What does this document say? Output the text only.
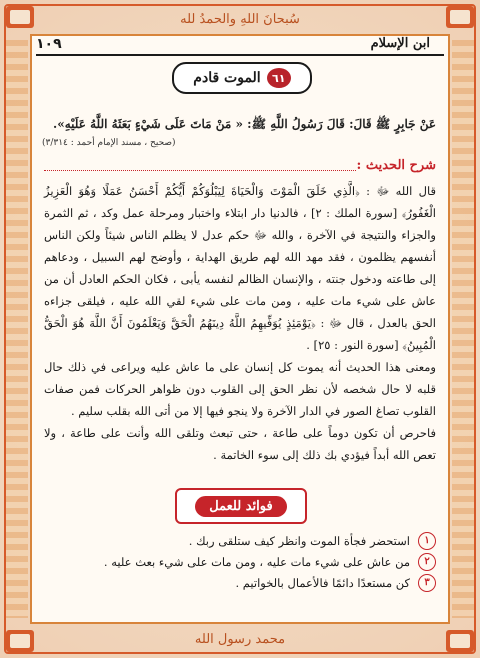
سُبحانَ اللهِ والحمدُ لله
محمد رسول الله
١٠٩	ابن الإسلام
٦١
الموت قادم
عَنْ جَابِرٍ ﷺ قَالَ: قَالَ رَسُولُ اللَّهِ ﷺ: « مَنْ مَاتَ عَلَى شَيْءٍ بَعَثَهُ اللَّهُ عَلَيْهِ».
(صحيح ، مسند الإمام أحمد : ٣/٣١٤)
شرح الحديث :

قال الله ﷻ : ﴿الَّذِي خَلَقَ الْمَوْتَ وَالْحَيَاةَ لِيَبْلُوَكُمْ أَيُّكُمْ أَحْسَنُ عَمَلًا وَهُوَ الْعَزِيزُ الْغَفُورُ﴾ [سورة الملك : ٢] ، فالدنيا دار ابتلاء واختبار ومرحلة عمل وكد ، ثم الثمرة والجزاء والنتيجة في الآخرة ، والله ﷻ حكم عدل لا يظلم الناس شيئاً ولكن الناس أنفسهم يظلمون ، فقد مهد الله لهم طريق الهداية ، وأوضح لهم السبيل ، ودعاهم إلى طاعته ودخول جنته ، والإنسان الظالم لنفسه يأبى ، فكان الحكم العادل أن من عاش على شيء مات عليه ، ومن مات على شيء لقي الله عليه ، فيلقى جزاءه الحق بالعدل ، قال ﷻ : ﴿يَوْمَئِذٍ يُوَفِّيهِمُ اللَّهُ دِينَهُمُ الْحَقَّ وَيَعْلَمُونَ أَنَّ اللَّهَ هُوَ الْحَقُّ الْمُبِينُ﴾ [سورة النور : ٢٥] .

ومعنى هذا الحديث أنه يموت كل إنسان على ما عاش عليه ويراعى في ذلك حال قلبه لا حال شخصه لأن نظر الحق إلى القلوب دون ظواهر الحركات فمن صفات القلوب تصاغ الصور في الدار الآخرة ولا ينجو فيها إلا من أتى الله بقلب سليم .

فاحرص أن تكون دوماً على طاعة ، حتى تبعث وتلقى الله وأنت على طاعة ، ولا تعص الله أبداً فيؤدي بك ذلك إلى سوء الخاتمة .

فوائد للعمل
١
استحضر فجأة الموت وانظر كيف ستلقى ربك .
٢
من عاش على شيء مات عليه ، ومن مات على شيء بعث عليه .
٣
كن مستعدًا دائمًا فالأعمال بالخواتيم .
